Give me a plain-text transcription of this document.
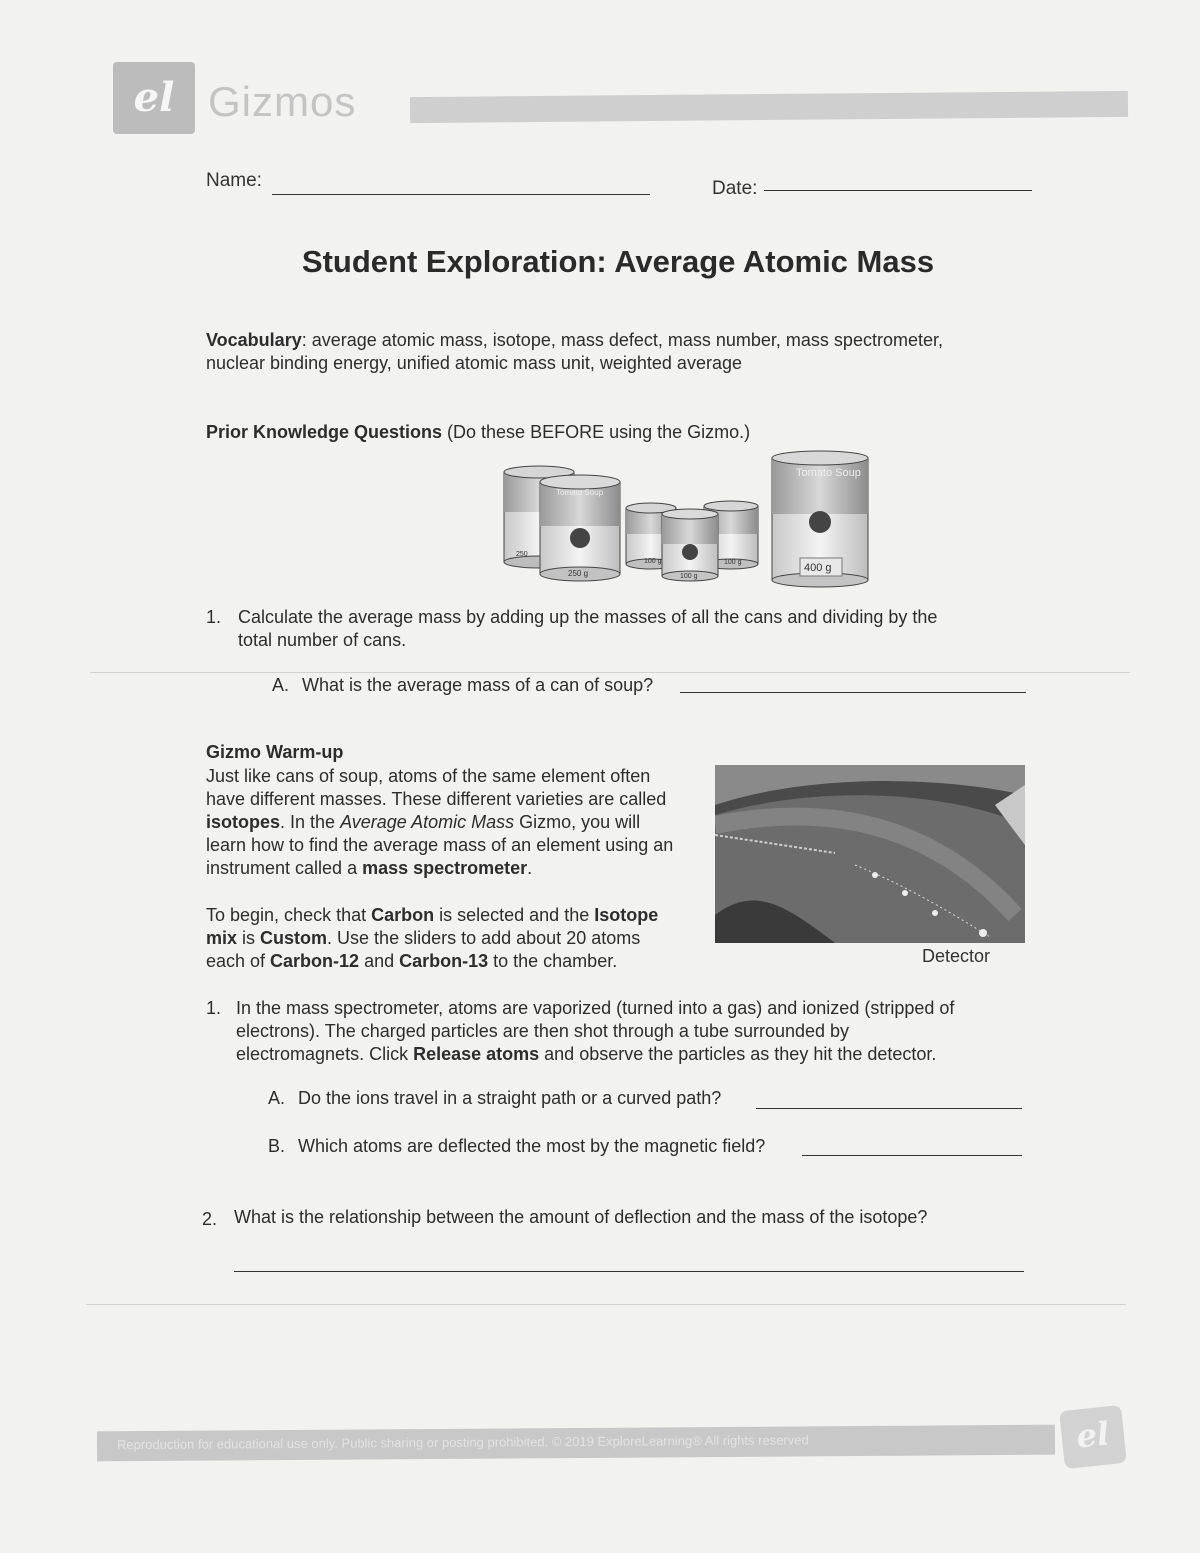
el Gizmos
Name:	Date:
Student Exploration: Average Atomic Mass
Vocabulary: average atomic mass, isotope, mass defect, mass number, mass spectrometer,
nuclear binding energy, unified atomic mass unit, weighted average
Prior Knowledge Questions (Do these BEFORE using the Gizmo.)
250
Tomato Soup
250 g
100 g	100 g
100 g
Tomato Soup
400 g
1. Calculate the average mass by adding up the masses of all the cans and dividing by the
total number of cans.
A. What is the average mass of a can of soup?
Gizmo Warm-up
Just like cans of soup, atoms of the same element often
have different masses. These different varieties are called
isotopes. In the Average Atomic Mass Gizmo, you will
learn how to find the average mass of an element using an
instrument called a mass spectrometer.
To begin, check that Carbon is selected and the Isotope
mix is Custom. Use the sliders to add about 20 atoms
each of Carbon-12 and Carbon-13 to the chamber.	Detector
1. In the mass spectrometer, atoms are vaporized (turned into a gas) and ionized (stripped of
electrons). The charged particles are then shot through a tube surrounded by
electromagnets. Click Release atoms and observe the particles as they hit the detector.
A. Do the ions travel in a straight path or a curved path?
B. Which atoms are deflected the most by the magnetic field?
2. What is the relationship between the amount of deflection and the mass of the isotope?
Reproduction for educational use only. Public sharing or posting prohibited. © 2019 ExploreLearning® All rights reserved	el
